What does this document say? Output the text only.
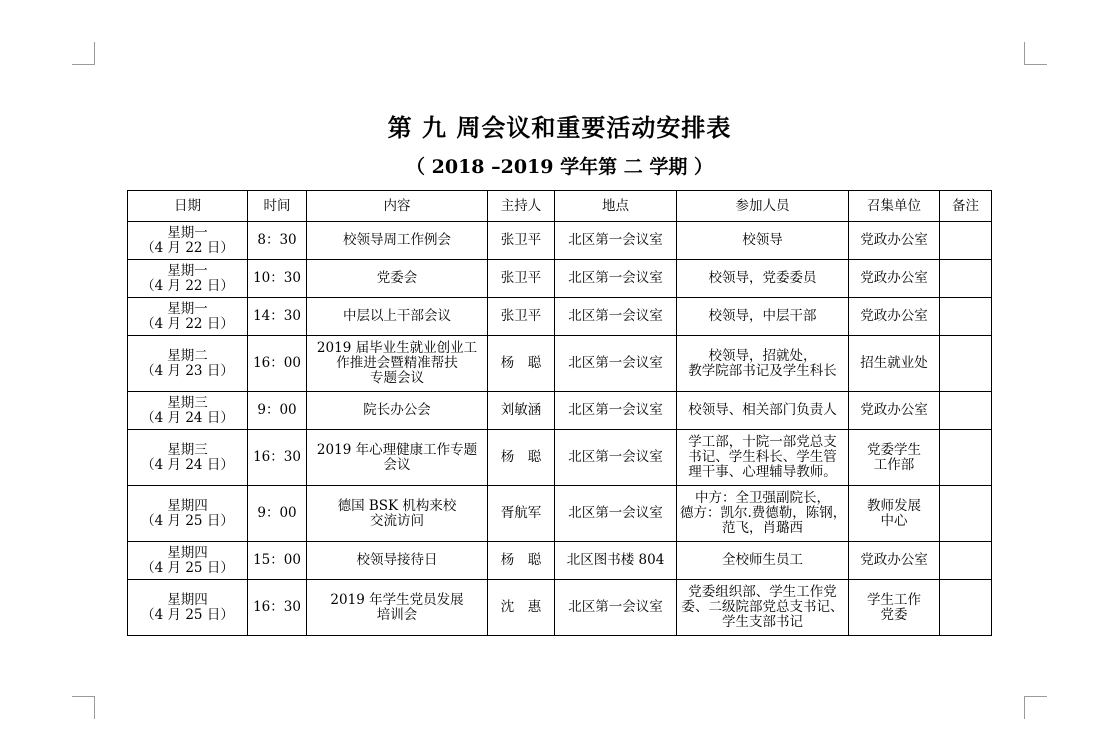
第 九 周会议和重要活动安排表
（ 2018 –2019 学年第 二 学期 ）
日期	时间	内容	主持人	地点	参加人员	召集单位	备注

星期一
（4 月 22 日）	8：30	校领导周工作例会	张卫平	北区第一会议室	校领导	党政办公室	

星期一
（4 月 22 日）	10：30	党委会	张卫平	北区第一会议室	校领导，党委委员	党政办公室	

星期一
（4 月 22 日）	14：30	中层以上干部会议	张卫平	北区第一会议室	校领导，中层干部	党政办公室	

星期二
（4 月 23 日）	16：00	2019 届毕业生就业创业工
作推进会暨精准帮扶
专题会议	杨　聪	北区第一会议室	校领导，招就处，
教学院部书记及学生科长	招生就业处	

星期三
（4 月 24 日）	9：00	院长办公会	刘敏涵	北区第一会议室	校领导、相关部门负责人	党政办公室	

星期三
（4 月 24 日）	16：30	2019 年心理健康工作专题
会议	杨　聪	北区第一会议室	学工部，十院一部党总支
书记、学生科长、学生管
理干事、心理辅导教师。	党委学生
工作部	

星期四
（4 月 25 日）	9：00	德国 BSK 机构来校
交流访问	胥航军	北区第一会议室	中方：全卫强副院长，
德方：凯尔.费德勒，陈钢，
范飞，肖璐西	教师发展
中心	

星期四
（4 月 25 日）	15：00	校领导接待日	杨　聪	北区图书楼 804	全校师生员工	党政办公室	

星期四
（4 月 25 日）	16：30	2019 年学生党员发展
培训会	沈　惠	北区第一会议室	党委组织部、学生工作党
委、二级院部党总支书记、
学生支部书记	学生工作
党委	
